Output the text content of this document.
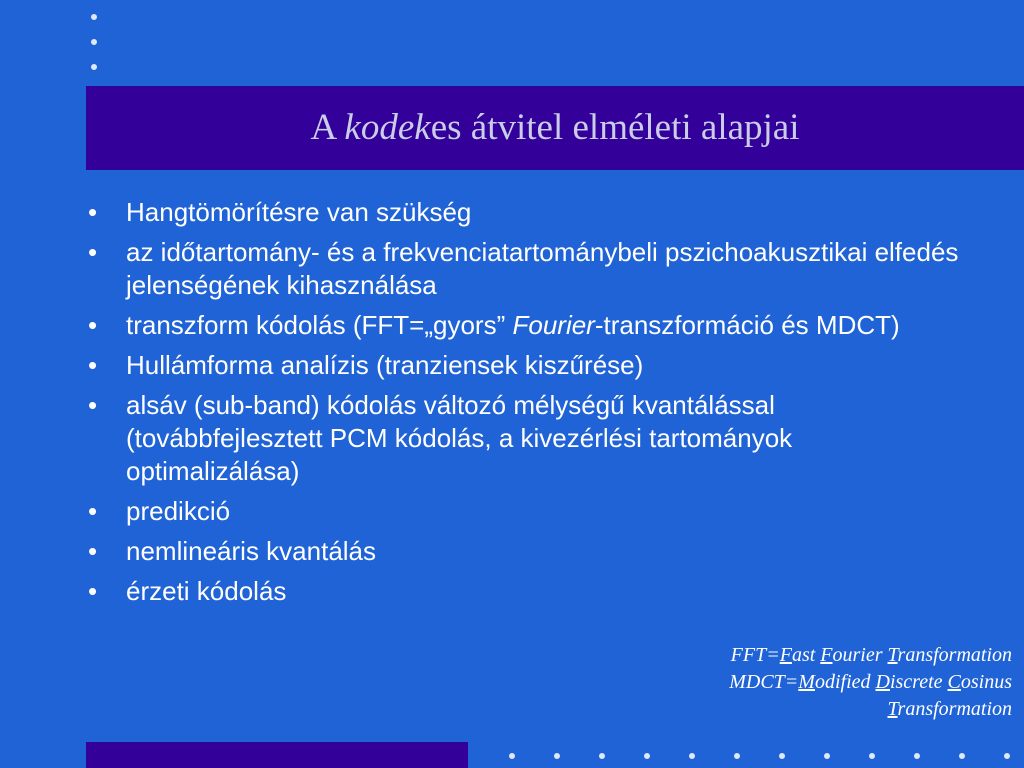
A kodekes átvitel elméleti alapjai
• Hangtömörítésre van szükség
• az időtartomány- és a frekvenciatartománybeli pszichoakusztikai elfedés jelenségének kihasználása
• transzform kódolás (FFT=„gyors” Fourier-transzformáció és MDCT)
• Hullámforma analízis (tranziensek kiszűrése)
• alsáv (sub-band) kódolás változó mélységű kvantálással (továbbfejlesztett PCM kódolás, a kivezérlési tartományok optimalizálása)
• predikció
• nemlineáris kvantálás
• érzeti kódolás
FFT=Fast Fourier Transformation
MDCT=Modified Discrete Cosinus
Transformation
